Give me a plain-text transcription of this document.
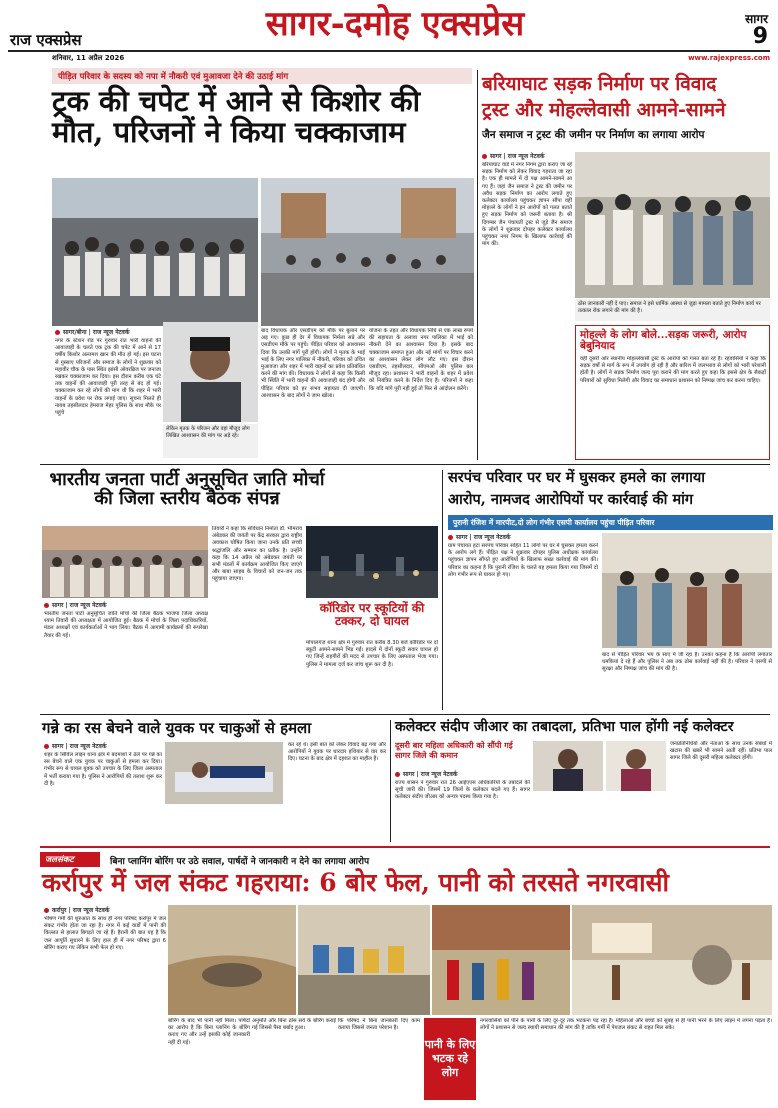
राज एक्सप्रेस	सागर-दमोह एक्सप्रेस	सागर
9
शनिवार, 11 अप्रैल 2026	www.rajexpress.com
पीड़ित परिवार के सदस्य को नपा में नौकरी एवं मुआवजा देने की उठाई मांग
ट्रक की चपेट में आने से किशोर की मौत, परिजनों ने किया चक्काजाम
सागर/बीना | राज न्यूज नेटवर्क
नगर के स्टेशन रोड पर गुरुवार रात भारी वाहनों की आवाजाही के चलते एक ट्रक की चपेट में आने से 17 वर्षीय किशोर अल्तमश खान की मौत हो गई। इस घटना से गुस्साए परिजनों और समाज के लोगों ने शुक्रवार को महावीर चौक के पास स्थित झांसी ओवरब्रिज पर जनाजा रखकर चक्काजाम कर दिया। इस दौरान करीब एक घंटे तक वाहनों की आवाजाही पूरी तरह से बंद हो गई। चक्काजाम कर रहे लोगों की मांग थी कि शहर में भारी वाहनों के प्रवेश पर रोक लगाई जाए। सूचना मिलते ही नायब तहसीलदार हेमराज मेहर पुलिस के साथ मौके पर पहुंचे
लेकिन मृतक के परिजन और वहां मौजूद लोग लिखित आश्वासन की मांग पर अड़े रहे।
बाद विधायक और एसडीएम को मौके पर बुलाने पर अड़ गए। कुछ ही देर में विधायक निर्मला सप्रे और एसडीएम मौके पर पहुंचे। पीड़ित परिवार को आश्वासन दिया कि उनकी मांगें पूरी होंगी। लोगों ने मृतक के भाई भाई के लिए नगर पालिका में नौकरी, परिवार को उचित मुआवजा और शहर में भारी वाहनों का प्रवेश प्रतिबंधित करने की मांग की। विधायक ने लोगों से कहा कि किसी भी स्थिति में भारी वाहनों की आवाजाही बंद होगी और पीड़ित परिवार को हर संभव सहायता दी जाएगी। आश्वासन के बाद लोगों ने जाम खोला।
योजना के तहत और विधायक निधि से एक लाख रुपये की सहायता के अलावा नगर पालिका में भाई को नौकरी देने का आश्वासन दिया है। इसके बाद चक्काजाम समाप्त हुआ और नई मांगों पर विचार करने का आश्वासन लेकर लोग लौट गए। इस दौरान एसडीएम, तहसीलदार, सीएमओ और पुलिस बल मौजूद रहा। प्रशासन ने भारी वाहनों के शहर में प्रवेश को नियंत्रित करने के निर्देश दिए हैं। परिजनों ने कहा कि यदि मांगे पूरी नहीं हुईं तो फिर से आंदोलन करेंगे।
बरियाघाट सड़क निर्माण पर विवाद
ट्रस्ट और मोहल्लेवासी आमने-सामने
जैन समाज न ट्रस्ट की जमीन पर निर्माण का लगाया आरोप
सागर | राज न्यूज नेटवर्क
बरियाघाट वार्ड में नगर निगम द्वारा कराए जा रहे सड़क निर्माण को लेकर विवाद गहराता जा रहा है। एक ही मामले में दो पक्ष आमने-सामने आ गए हैं। जहां जैन समाज ने ट्रस्ट की जमीन पर अवैध सड़क निर्माण का आरोप लगाते हुए कलेक्टर कार्यालय पहुंचकर ज्ञापन सौंपा वहीं मोहल्ले के लोगों ने इन आरोपों को गलत बताते हुए सड़क निर्माण को जरूरी बताया है। श्री दिगम्बर जैन पंचायती ट्रस्ट से जुड़े जैन समाज के लोगों ने शुक्रवार दोपहर कलेक्टर कार्यालय पहुंचकर नगर निगम के खिलाफ कार्रवाई की मांग की।
ठोस जानकारी नहीं दे पाए। समाज ने इसे धार्मिक आस्था से जुड़ा मामला बताते हुए निर्माण कार्य पर तत्काल रोक लगाने की मांग की है।
मोहल्ले के लोग बोले...सड़क जरूरी, आरोप बेबुनियाद
वहीं दूसरी ओर स्थानीय मोहल्लेवासी ट्रस्ट के आरोपों को गलत बता रहे हैं। रहवासियों ने कहा कि सड़क वर्षों से मार्ग के रूप में उपयोग हो रही है और बारिश में जलभराव से लोगों को भारी परेशानी होती है। लोगों ने सड़क निर्माण जल्द पूरा कराने की मांग करते हुए कहा कि इससे क्षेत्र के सैकड़ों परिवारों को सुविधा मिलेगी और विवाद का समाधान प्रशासन को निष्पक्ष जांच कर करना चाहिए।
भारतीय जनता पार्टी अनुसूचित जाति मोर्चा की जिला स्तरीय बैठक संपन्न
सागर | राज न्यूज नेटवर्क
भारतीय जनता पार्टी अनुसूचित जाति मोर्चा की जिला बैठक भाजपा जिला अध्यक्ष श्याम तिवारी की अध्यक्षता में आयोजित हुई। बैठक में मोर्चा के जिला पदाधिकारियों, मंडल अध्यक्षों एवं कार्यकर्ताओं ने भाग लिया। बैठक में आगामी कार्यक्रमों की रूपरेखा तैयार की गई।
तिवारी ने कहा कि संविधान निर्माता डॉ. भीमराव अंबेडकर की जयंती पर केंद्र सरकार द्वारा राष्ट्रीय अवकाश घोषित किया जाना उनके प्रति सच्ची श्रद्धांजलि और सम्मान का प्रतीक है। उन्होंने कहा कि 14 अप्रैल को अंबेडकर जयंती पर सभी मंडलों में कार्यक्रम आयोजित किए जाएंगे और बाबा साहब के विचारों को जन-जन तक पहुंचाया जाएगा।
कॉरिडोर पर स्कूटियों की टक्कर, दो घायल
मोपालगंज थाना क्षेत्र में गुरुवार रात करीब 8.30 बजे कॉरिडोर पर दो स्कूटी आमने-सामने भिड़ गईं। हादसे में दोनों स्कूटी सवार घायल हो गए जिन्हें राहगीरों की मदद से उपचार के लिए अस्पताल भेजा गया। पुलिस ने मामला दर्ज कर जांच शुरू कर दी है।
सरपंच परिवार पर घर में घुसकर हमले का लगाया
आरोप, नामजद आरोपियों पर कार्रवाई की मांग
पुरानी रंजिश में मारपीट,दो लोग गंभीर एसपी कार्यालय पहुंचा पीड़ित परिवार
सागर | राज न्यूज नेटवर्क
ग्राम पंचायत हटा सरपंच परिवार सहित 11 लोगों पर घर में घुसकर हमला करने के आरोप लगे हैं। पीड़ित पक्ष ने शुक्रवार दोपहर पुलिस अधीक्षक कार्यालय पहुंचकर ज्ञापन सौंपते हुए आरोपियों के खिलाफ सख्त कार्रवाई की मांग की। परिवार का कहना है कि पुरानी रंजिश के चलते यह हमला किया गया जिसमें दो लोग गंभीर रूप से घायल हो गए।
बाद से पीड़ित परिवार भय के साए में जी रहा है। उनका कहना है कि आरोपी लगातार धमकियां दे रहे हैं और पुलिस ने अब तक ठोस कार्रवाई नहीं की है। परिवार ने एसपी से सुरक्षा और निष्पक्ष जांच की मांग की है।
गन्ने का रस बेचने वाले युवक पर चाकुओं से हमला
सागर | राज न्यूज नेटवर्क
शहर के सिविल लाइन थाना क्षेत्र में बदमाशों ने ठेले पर गन्ने का रस बेचने वाले एक युवक पर चाकुओं से हमला कर दिया। गंभीर रूप से घायल युवक को उपचार के लिए जिला अस्पताल में भर्ती कराया गया है। पुलिस ने आरोपियों की तलाश शुरू कर दी है।
कर रहे थे। इसी बात को लेकर विवाद बढ़ गया और आरोपियों ने युवक पर धारदार हथियार से वार कर दिए। घटना के बाद क्षेत्र में दहशत का माहौल है।
कलेक्टर संदीप जीआर का तबादला, प्रतिभा पाल होंगी नई कलेक्टर
दूसरी बार महिला अधिकारी को सौंपी गई सागर जिले की कमान
सागर | राज न्यूज नेटवर्क
राज्य शासन ने गुरुवार रात 26 आईएएस अधिकारियों के तबादले की सूची जारी की। जिसमें 19 जिलों के कलेक्टर बदले गए हैं। सागर कलेक्टर संदीप जीआर को अन्यत्र पदस्थ किया गया है।
जनप्रतिनिधियों और नेताओं के साथ उनके संबंधों में खटास की खबरें भी सामने आती रहीं। प्रतिभा पाल सागर जिले की दूसरी महिला कलेक्टर होंगी।
जलसंकट	बिना प्लानिंग बोरिंग पर उठे सवाल, पार्षदों ने जानकारी न देने का लगाया आरोप
कर्रापुर में जल संकट गहराया: 6 बोर फेल, पानी को तरसते नगरवासी
कर्रापुर | राज न्यूज नेटवर्क
भीषण गर्मी की शुरुआत के साथ ही नगर परिषद कर्रापुर में जल संकट गंभीर होता जा रहा है। नगर में कई वार्डों में पानी की किल्लत से हालात बिगड़ते जा रहे हैं। हैरानी की बात यह है कि जल आपूर्ति सुधारने के लिए हाल ही में नगर परिषद द्वारा 6 बोरिंग कराए गए लेकिन सभी फेल हो गए।
बोरिंग के बाद भी पानी नहीं मिला। पार्षदों का आरोप है कि बिना प्लानिंग के बोरिंग कराए गए और उन्हें इसकी कोई जानकारी नहीं दी गई।
अनुमति और बिना ठोस सर्वे के बोरिंग कराई गई जिससे पैसा बर्बाद हुआ।
कि परिषद ने बिना जानकारी दिए काम कराया जिससे जनता परेशान है।
पानी के लिए भटक रहे लोग
नगरवासियों को पीने के पानी के लिए दूर-दूर तक भटकना पड़ रहा है। महिलाओं और बच्चों को सुबह से ही पानी भरने के लिए लाइन में लगना पड़ता है। लोगों ने प्रशासन से जल्द स्थायी समाधान की मांग की है ताकि गर्मी में पेयजल संकट से राहत मिल सके।
